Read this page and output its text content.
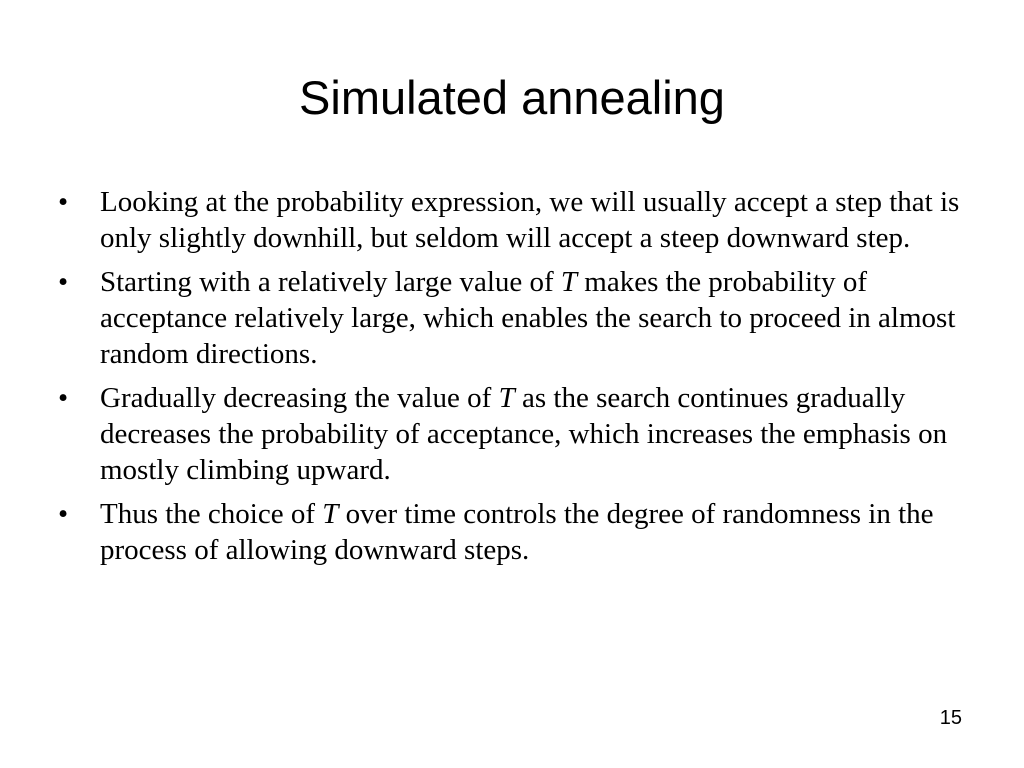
Simulated annealing
•	Looking at the probability expression, we will usually accept a step that is only slightly downhill, but seldom will accept a steep downward step.
•	Starting with a relatively large value of T makes the probability of acceptance relatively large, which enables the search to proceed in almost random directions.
•	Gradually decreasing the value of T as the search continues gradually decreases the probability of acceptance, which increases the emphasis on mostly climbing upward.
•	Thus the choice of T over time controls the degree of randomness in the process of allowing downward steps.
15
